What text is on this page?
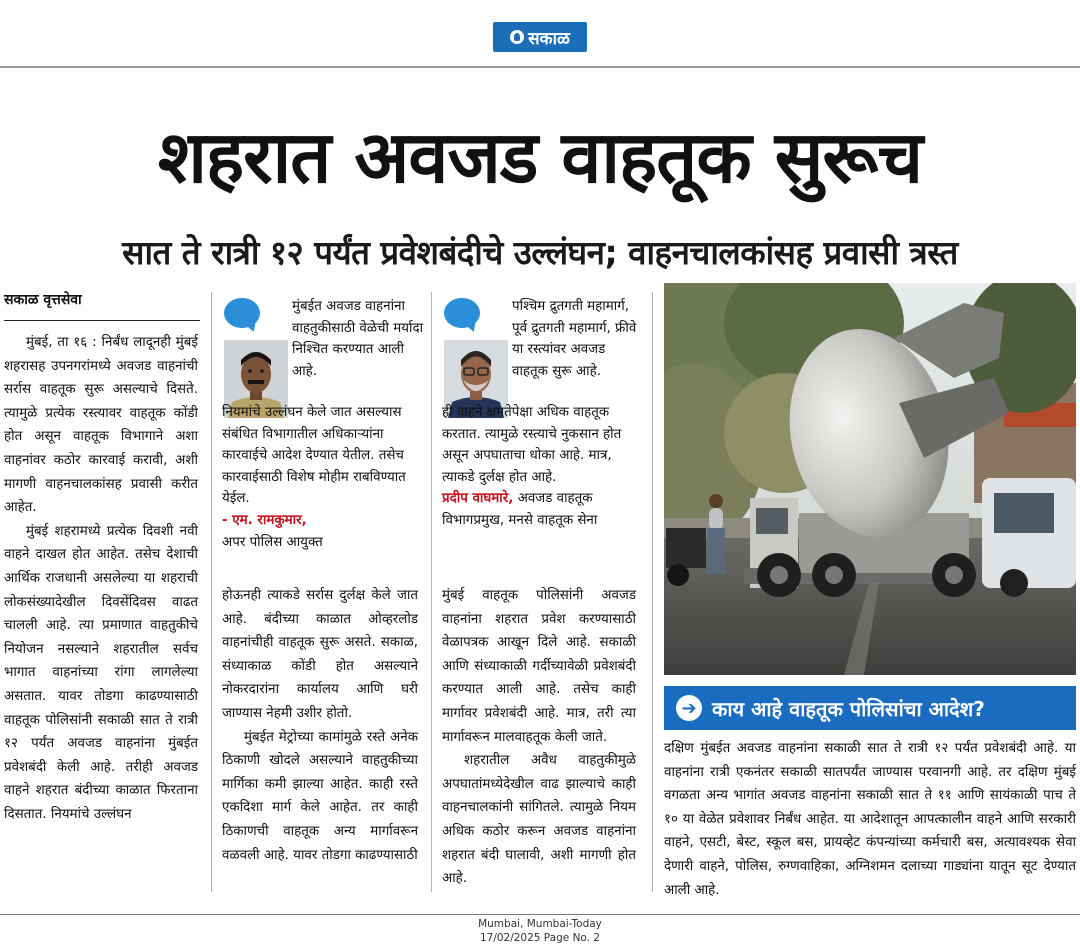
सकाळ
शहरात अवजड वाहतूक सुरूच
सात ते रात्री १२ पर्यंत प्रवेशबंदीचे उल्लंघन; वाहनचालकांसह प्रवासी त्रस्त
सकाळ वृत्तसेवा

मुंबई, ता १६ : निर्बंध लादूनही मुंबई शहरासह उपनगरांमध्ये अवजड वाहनांची सर्रास वाहतूक सुरू असल्याचे दिसते. त्यामुळे प्रत्येक रस्त्यावर वाहतूक कोंडी होत असून वाहतूक विभागाने अशा वाहनांवर कठोर कारवाई करावी, अशी मागणी वाहनचालकांसह प्रवासी करीत आहेत.

मुंबई शहरामध्ये प्रत्येक दिवशी नवी वाहने दाखल होत आहेत. तसेच देशाची आर्थिक राजधानी असलेल्या या शहराची लोकसंख्यादेखील दिवसेंदिवस वाढत चालली आहे. त्या प्रमाणात वाहतुकीचे नियोजन नसल्याने शहरातील सर्वच भागात वाहनांच्या रांगा लागलेल्या असतात. यावर तोडगा काढण्यासाठी वाहतूक पोलिसांनी सकाळी सात ते रात्री १२ पर्यंत अवजड वाहनांना मुंबईत प्रवेशबंदी केली आहे. तरीही अवजड वाहने शहरात बंदीच्या काळात फिरताना दिसतात. नियमांचे उल्लंघन

मुंबईत अवजड वाहनांना वाहतुकीसाठी वेळेची मर्यादा निश्चित करण्यात आली आहे.

नियमांचे उल्लंघन केले जात असल्यास संबंधित विभागातील अधिकाऱ्यांना कारवाईचे आदेश देण्यात येतील. तसेच कारवाईसाठी विशेष मोहीम राबविण्यात येईल.

- एम. रामकुमार,

अपर पोलिस आयुक्त

पश्चिम द्रुतगती महामार्ग, पूर्व द्रुतगती महामार्ग, फ्रीवे या रस्त्यांवर अवजड वाहतूक सुरू आहे.

ही वाहने क्षमतेपेक्षा अधिक वाहतूक करतात. त्यामुळे रस्त्याचे नुकसान होत असून अपघाताचा धोका आहे. मात्र, त्याकडे दुर्लक्ष होत आहे.

प्रदीप वाघमारे, अवजड वाहतूक विभागप्रमुख, मनसे वाहतूक सेना

होऊनही त्याकडे सर्रास दुर्लक्ष केले जात आहे. बंदीच्या काळात ओव्हरलोड वाहनांचीही वाहतूक सुरू असते. सकाळ, संध्याकाळ कोंडी होत असल्याने नोकरदारांना कार्यालय आणि घरी जाण्यास नेहमी उशीर होतो.

मुंबईत मेट्रोच्या कामांमुळे रस्ते अनेक ठिकाणी खोदले असल्याने वाहतुकीच्या मार्गिका कमी झाल्या आहेत. काही रस्ते एकदिशा मार्ग केले आहेत. तर काही ठिकाणची वाहतूक अन्य मार्गावरून वळवली आहे. यावर तोडगा काढण्यासाठी

मुंबई वाहतूक पोलिसांनी अवजड वाहनांना शहरात प्रवेश करण्यासाठी वेळापत्रक आखून दिले आहे. सकाळी आणि संध्याकाळी गर्दीच्यावेळी प्रवेशबंदी करण्यात आली आहे. तसेच काही मार्गावर प्रवेशबंदी आहे. मात्र, तरी त्या मार्गावरून मालवाहतूक केली जाते.

शहरातील अवैध वाहतुकीमुळे अपघातांमध्येदेखील वाढ झाल्याचे काही वाहनचालकांनी सांगितले. त्यामुळे नियम अधिक कठोर करून अवजड वाहनांना शहरात बंदी घालावी, अशी मागणी होत आहे.

➔ काय आहे वाहतूक पोलिसांचा आदेश?

दक्षिण मुंबईत अवजड वाहनांना सकाळी सात ते रात्री १२ पर्यंत प्रवेशबंदी आहे. या वाहनांना रात्री एकनंतर सकाळी सातपर्यंत जाण्यास परवानगी आहे. तर दक्षिण मुंबई वगळता अन्य भागांत अवजड वाहनांना सकाळी सात ते ११ आणि सायंकाळी पाच ते १० या वेळेत प्रवेशावर निर्बंध आहेत. या आदेशातून आपत्कालीन वाहने आणि सरकारी वाहने, एसटी, बेस्ट, स्कूल बस, प्रायव्हेट कंपन्यांच्या कर्मचारी बस, अत्यावश्यक सेवा देणारी वाहने, पोलिस, रुग्णवाहिका, अग्निशमन दलाच्या गाड्यांना यातून सूट देण्यात आली आहे.

Mumbai, Mumbai-Today
17/02/2025 Page No. 2
